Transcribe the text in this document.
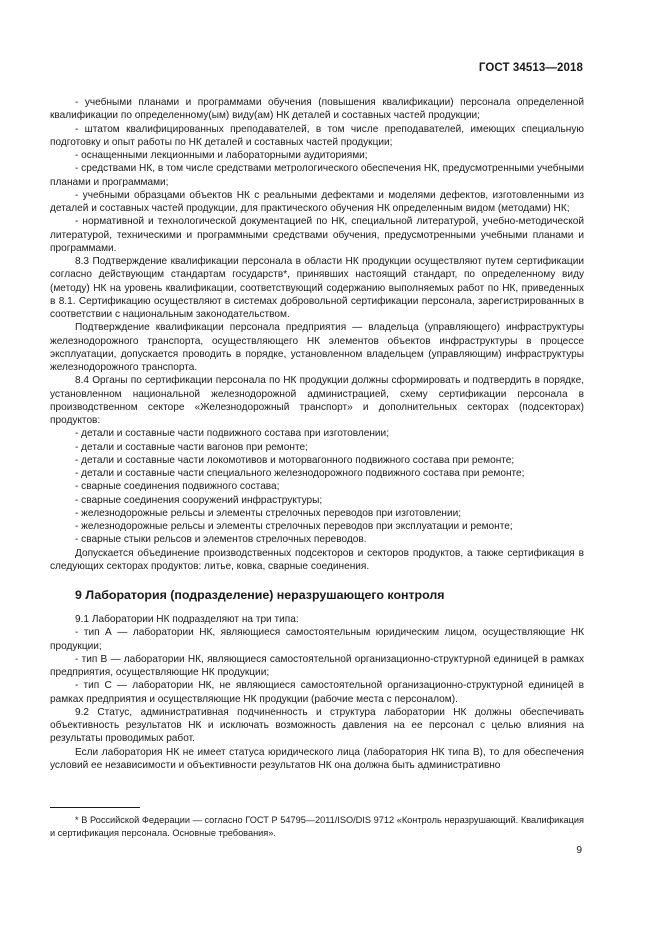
ГОСТ 34513—2018

- учебными планами и программами обучения (повышения квалификации) персонала определенной квалификации по определенному(ым) виду(ам) НК деталей и составных частей продукции;

- штатом квалифицированных преподавателей, в том числе преподавателей, имеющих специальную подготовку и опыт работы по НК деталей и составных частей продукции;

- оснащенными лекционными и лабораторными аудиториями;

- средствами НК, в том числе средствами метрологического обеспечения НК, предусмотренными учебными планами и программами;

- учебными образцами объектов НК с реальными дефектами и моделями дефектов, изготовленными из деталей и составных частей продукции, для практического обучения НК определенным видом (методами) НК;

- нормативной и технологической документацией по НК, специальной литературой, учебно-методической литературой, техническими и программными средствами обучения, предусмотренными учебными планами и программами.

8.3 Подтверждение квалификации персонала в области НК продукции осуществляют путем сертификации согласно действующим стандартам государств*, принявших настоящий стандарт, по определенному виду (методу) НК на уровень квалификации, соответствующий содержанию выполняемых работ по НК, приведенных в 8.1. Сертификацию осуществляют в системах добровольной сертификации персонала, зарегистрированных в соответствии с национальным законодательством.

Подтверждение квалификации персонала предприятия — владельца (управляющего) инфраструктуры железнодорожного транспорта, осуществляющего НК элементов объектов инфраструктуры в процессе эксплуатации, допускается проводить в порядке, установленном владельцем (управляющим) инфраструктуры железнодорожного транспорта.

8.4 Органы по сертификации персонала по НК продукции должны сформировать и подтвердить в порядке, установленном национальной железнодорожной администрацией, схему сертификации персонала в производственном секторе «Железнодорожный транспорт» и дополнительных секторах (подсекторах) продуктов:

- детали и составные части подвижного состава при изготовлении;

- детали и составные части вагонов при ремонте;

- детали и составные части локомотивов и моторвагонного подвижного состава при ремонте;

- детали и составные части специального железнодорожного подвижного состава при ремонте;

- сварные соединения подвижного состава;

- сварные соединения сооружений инфраструктуры;

- железнодорожные рельсы и элементы стрелочных переводов при изготовлении;

- железнодорожные рельсы и элементы стрелочных переводов при эксплуатации и ремонте;

- сварные стыки рельсов и элементов стрелочных переводов.

Допускается объединение производственных подсекторов и секторов продуктов, а также сертификация в следующих секторах продуктов: литье, ковка, сварные соединения.

9 Лаборатория (подразделение) неразрушающего контроля

9.1 Лаборатории НК подразделяют на три типа:

- тип А — лаборатории НК, являющиеся самостоятельным юридическим лицом, осуществляющие НК продукции;

- тип В — лаборатории НК, являющиеся самостоятельной организационно-структурной единицей в рамках предприятия, осуществляющие НК продукции;

- тип С — лаборатории НК, не являющиеся самостоятельной организационно-структурной единицей в рамках предприятия и осуществляющие НК продукции (рабочие места с персоналом).

9.2 Статус, административная подчиненность и структура лаборатории НК должны обеспечивать объективность результатов НК и исключать возможность давления на ее персонал с целью влияния на результаты проводимых работ.

Если лаборатория НК не имеет статуса юридического лица (лаборатория НК типа В), то для обеспечения условий ее независимости и объективности результатов НК она должна быть административно

* В Российской Федерации — согласно ГОСТ Р 54795—2011/ISO/DIS 9712 «Контроль неразрушающий. Квалификация и сертификация персонала. Основные требования».

9
